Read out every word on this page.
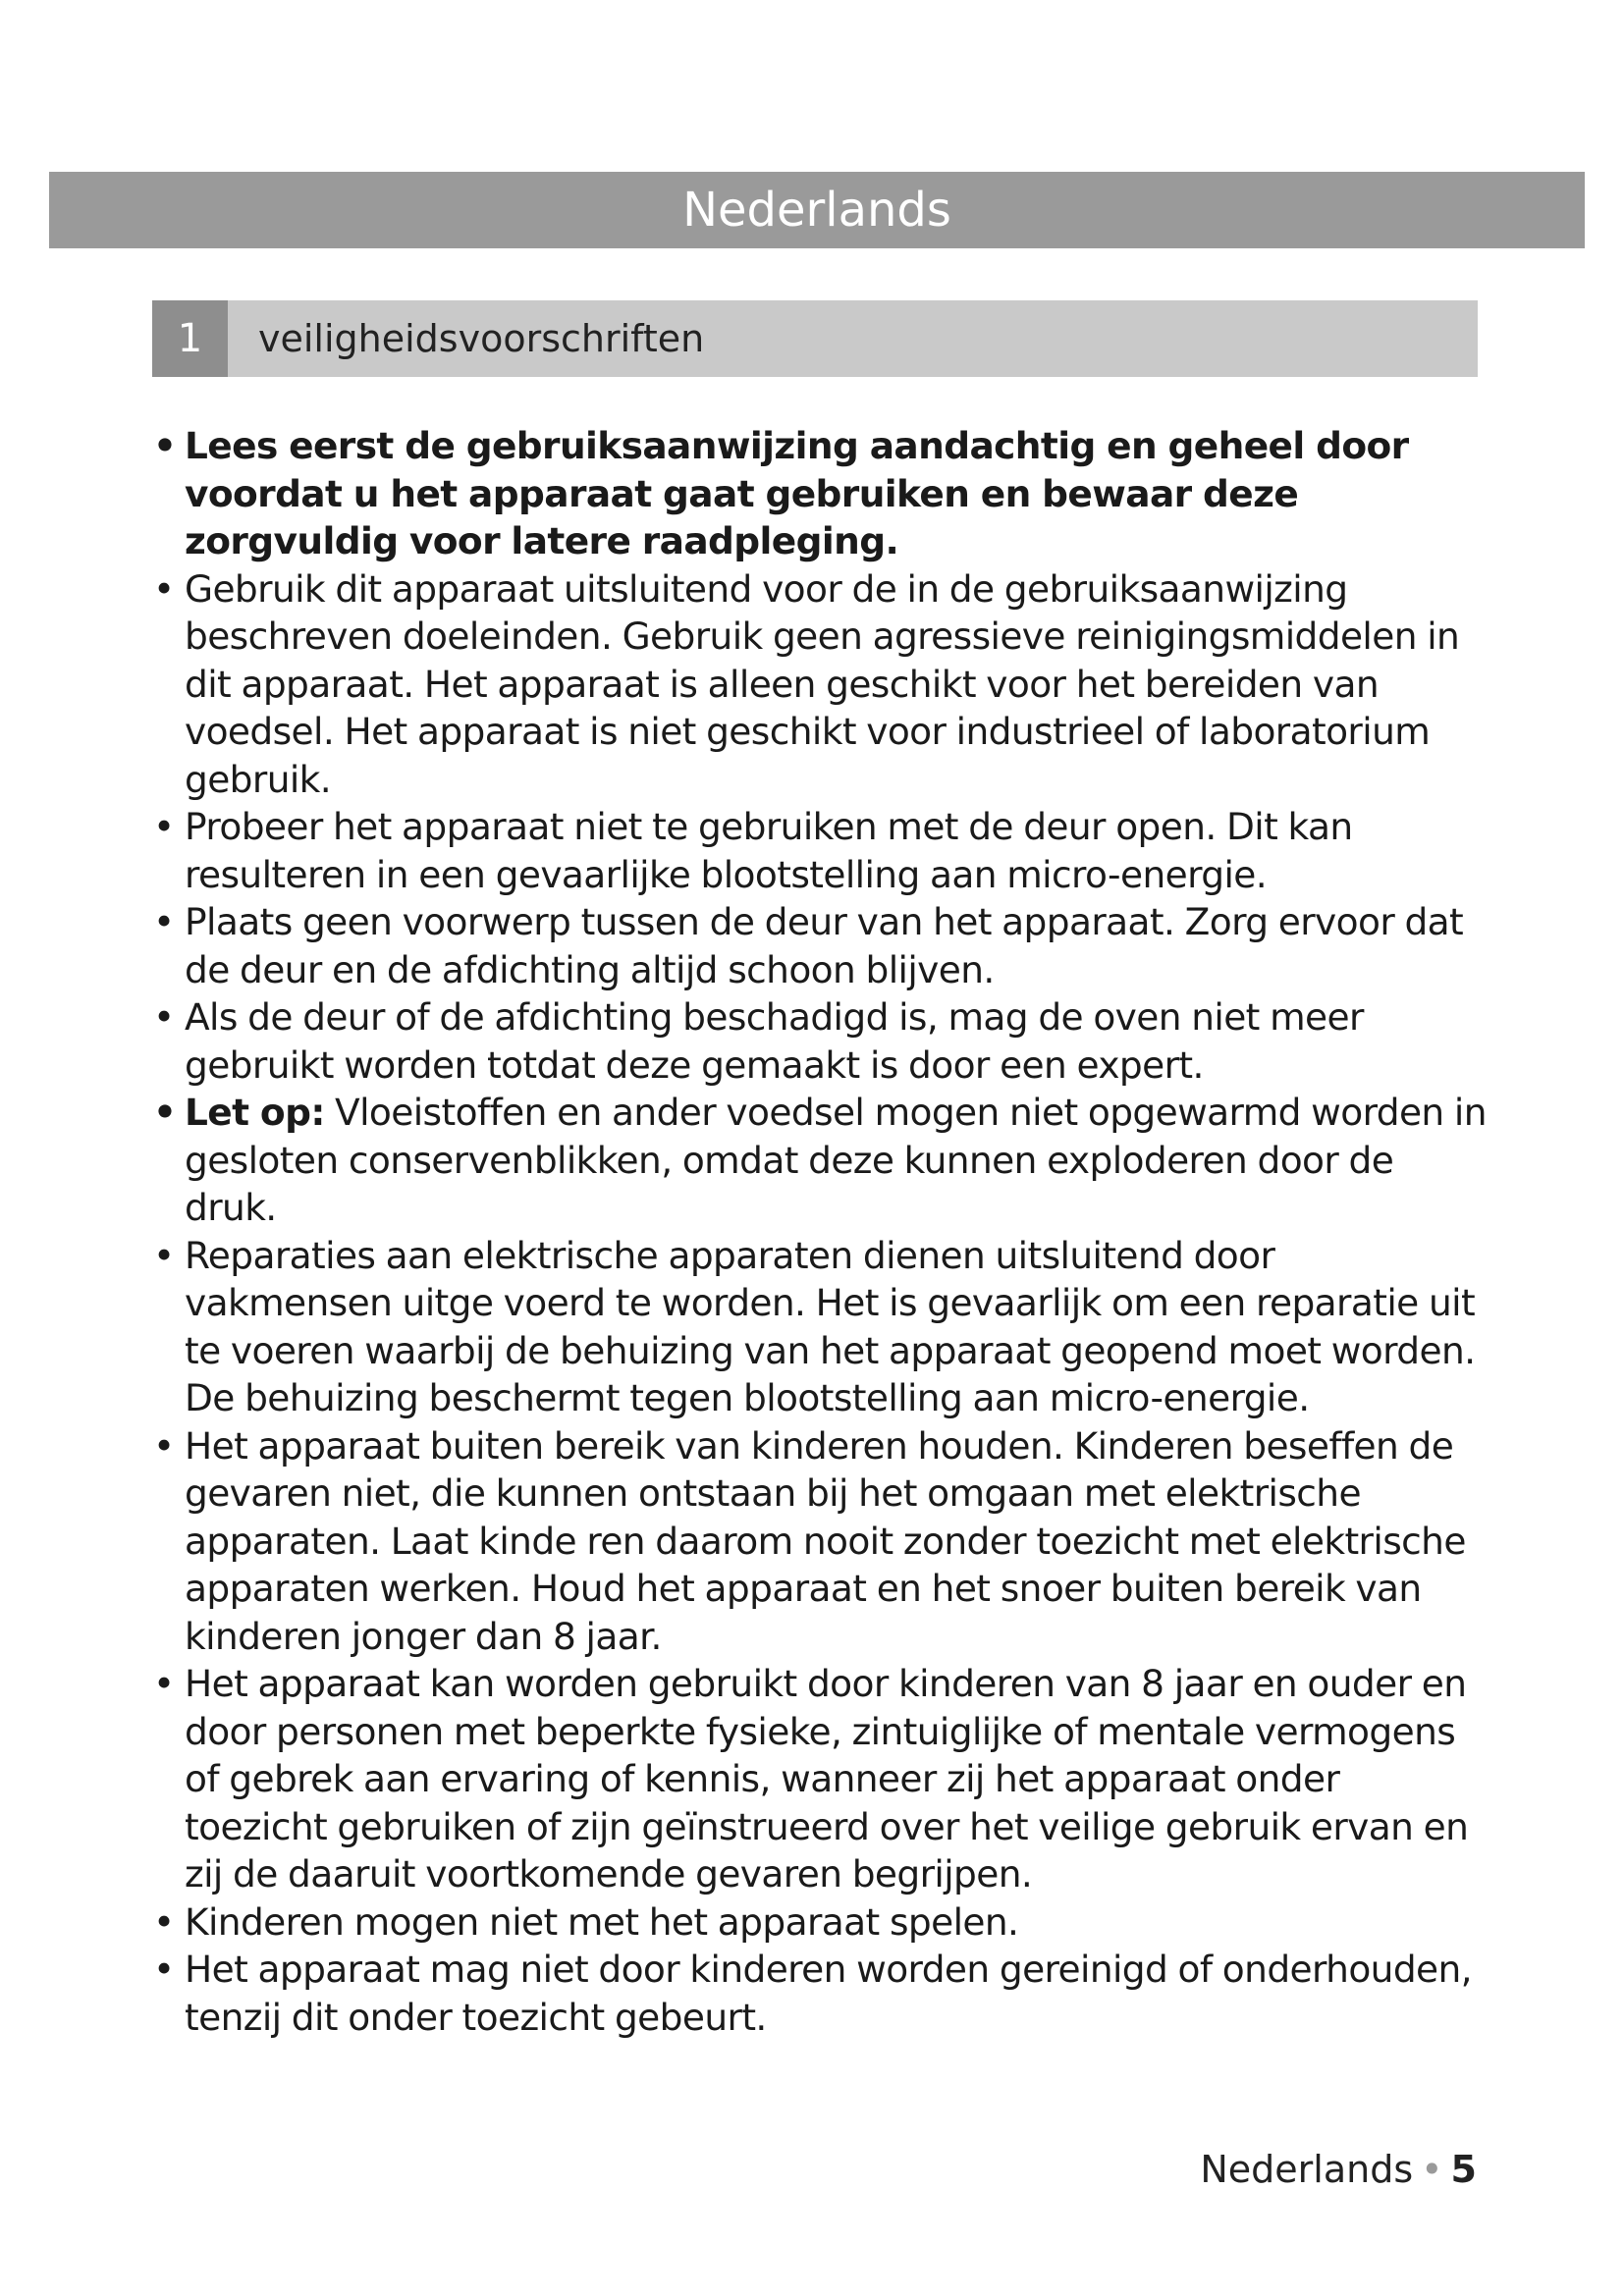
Nederlands
1	veiligheidsvoorschriften
• Lees eerst de gebruiksaanwijzing aandachtig en geheel door voordat u het apparaat gaat gebruiken en bewaar deze zorgvuldig voor latere raadpleging.
• Gebruik dit apparaat uitsluitend voor de in de gebruiksaanwijzing beschreven doeleinden. Gebruik geen agressieve reinigingsmiddelen in dit apparaat. Het apparaat is alleen geschikt voor het bereiden van voedsel. Het apparaat is niet geschikt voor industrieel of laboratorium gebruik.
• Probeer het apparaat niet te gebruiken met de deur open. Dit kan resulteren in een gevaarlijke blootstelling aan micro-energie.
• Plaats geen voorwerp tussen de deur van het apparaat. Zorg ervoor dat de deur en de afdichting altijd schoon blijven.
• Als de deur of de afdichting beschadigd is, mag de oven niet meer gebruikt worden totdat deze gemaakt is door een expert.
• Let op: Vloeistoffen en ander voedsel mogen niet opgewarmd worden in gesloten conservenblikken, omdat deze kunnen exploderen door de druk.
• Reparaties aan elektrische apparaten dienen uitsluitend door vakmensen uitge voerd te worden. Het is gevaarlijk om een reparatie uit te voeren waarbij de behuizing van het apparaat geopend moet worden. De behuizing beschermt tegen blootstelling aan micro-energie.
• Het apparaat buiten bereik van kinderen houden. Kinderen beseffen de gevaren niet, die kunnen ontstaan bij het omgaan met elektrische apparaten. Laat kinde ren daarom nooit zonder toezicht met elektrische apparaten werken. Houd het apparaat en het snoer buiten bereik van kinderen jonger dan 8 jaar.
• Het apparaat kan worden gebruikt door kinderen van 8 jaar en ouder en door personen met beperkte fysieke, zintuiglijke of mentale vermogens of gebrek aan ervaring of kennis, wanneer zij het apparaat onder toezicht gebruiken of zijn geïnstrueerd over het veilige gebruik ervan en zij de daaruit voortkomende gevaren begrijpen.
• Kinderen mogen niet met het apparaat spelen.
• Het apparaat mag niet door kinderen worden gereinigd of onderhouden, tenzij dit onder toezicht gebeurt.
Nederlands • 5
